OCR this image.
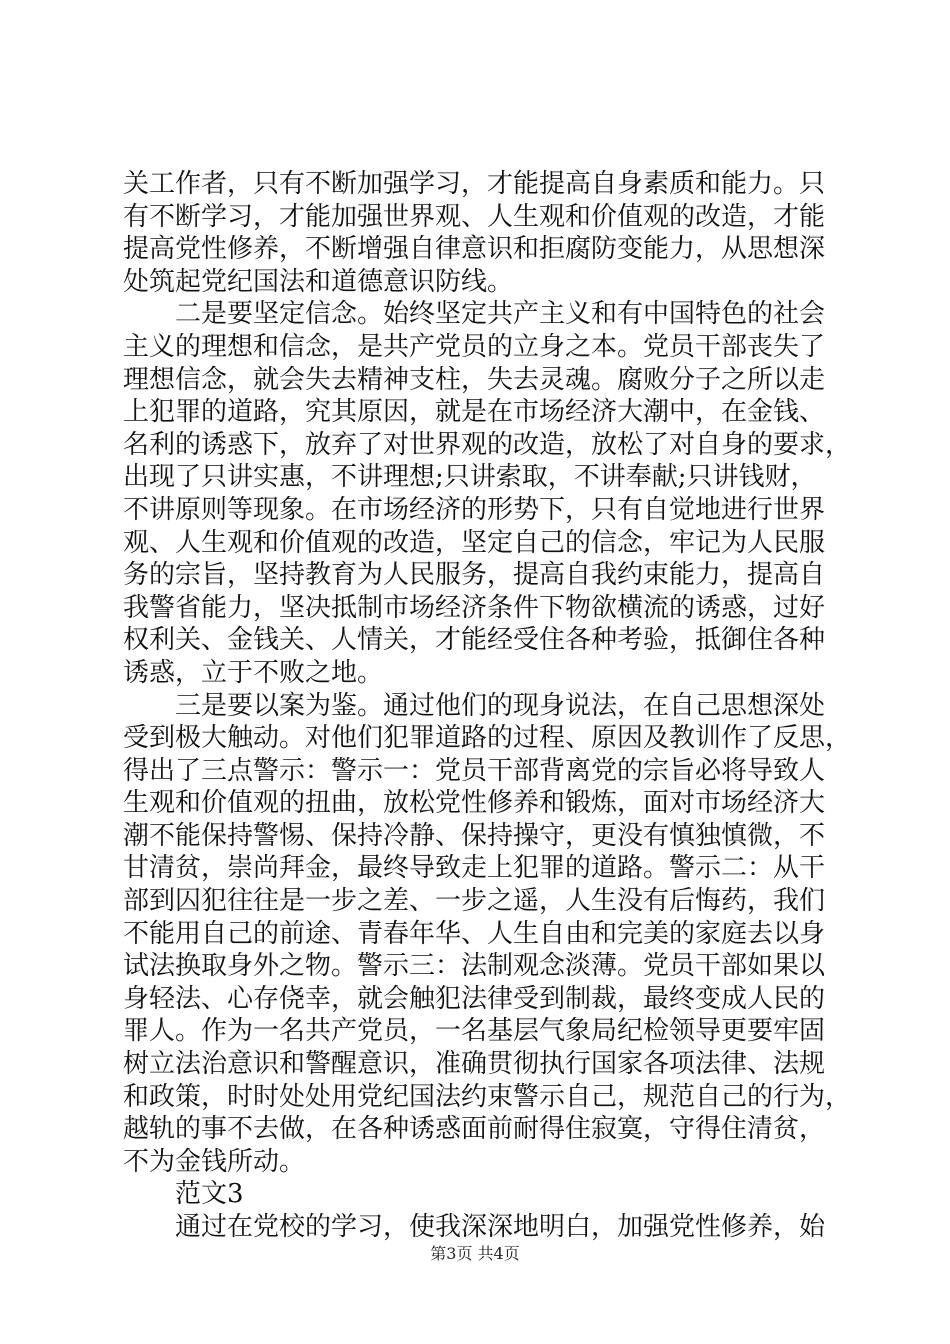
关工作者，只有不断加强学习，才能提高自身素质和能力。只
有不断学习，才能加强世界观、人生观和价值观的改造，才能
提高党性修养，不断增强自律意识和拒腐防变能力，从思想深
处筑起党纪国法和道德意识防线。
二是要坚定信念。始终坚定共产主义和有中国特色的社会
主义的理想和信念，是共产党员的立身之本。党员干部丧失了
理想信念，就会失去精神支柱，失去灵魂。腐败分子之所以走
上犯罪的道路，究其原因，就是在市场经济大潮中，在金钱、
名利的诱惑下，放弃了对世界观的改造，放松了对自身的要求，
出现了只讲实惠，不讲理想;只讲索取，不讲奉献;只讲钱财，
不讲原则等现象。在市场经济的形势下，只有自觉地进行世界
观、人生观和价值观的改造，坚定自己的信念，牢记为人民服
务的宗旨，坚持教育为人民服务，提高自我约束能力，提高自
我警省能力，坚决抵制市场经济条件下物欲横流的诱惑，过好
权利关、金钱关、人情关，才能经受住各种考验，抵御住各种
诱惑，立于不败之地。
三是要以案为鉴。通过他们的现身说法，在自己思想深处
受到极大触动。对他们犯罪道路的过程、原因及教训作了反思，
得出了三点警示：警示一：党员干部背离党的宗旨必将导致人
生观和价值观的扭曲，放松党性修养和锻炼，面对市场经济大
潮不能保持警惕、保持冷静、保持操守，更没有慎独慎微，不
甘清贫，崇尚拜金，最终导致走上犯罪的道路。警示二：从干
部到囚犯往往是一步之差、一步之遥，人生没有后悔药，我们
不能用自己的前途、青春年华、人生自由和完美的家庭去以身
试法换取身外之物。警示三：法制观念淡薄。党员干部如果以
身轻法、心存侥幸，就会触犯法律受到制裁，最终变成人民的
罪人。作为一名共产党员，一名基层气象局纪检领导更要牢固
树立法治意识和警醒意识，准确贯彻执行国家各项法律、法规
和政策，时时处处用党纪国法约束警示自己，规范自己的行为，
越轨的事不去做，在各种诱惑面前耐得住寂寞，守得住清贫，
不为金钱所动。
范文3
通过在党校的学习，使我深深地明白，加强党性修养，始
第3页 共4页
